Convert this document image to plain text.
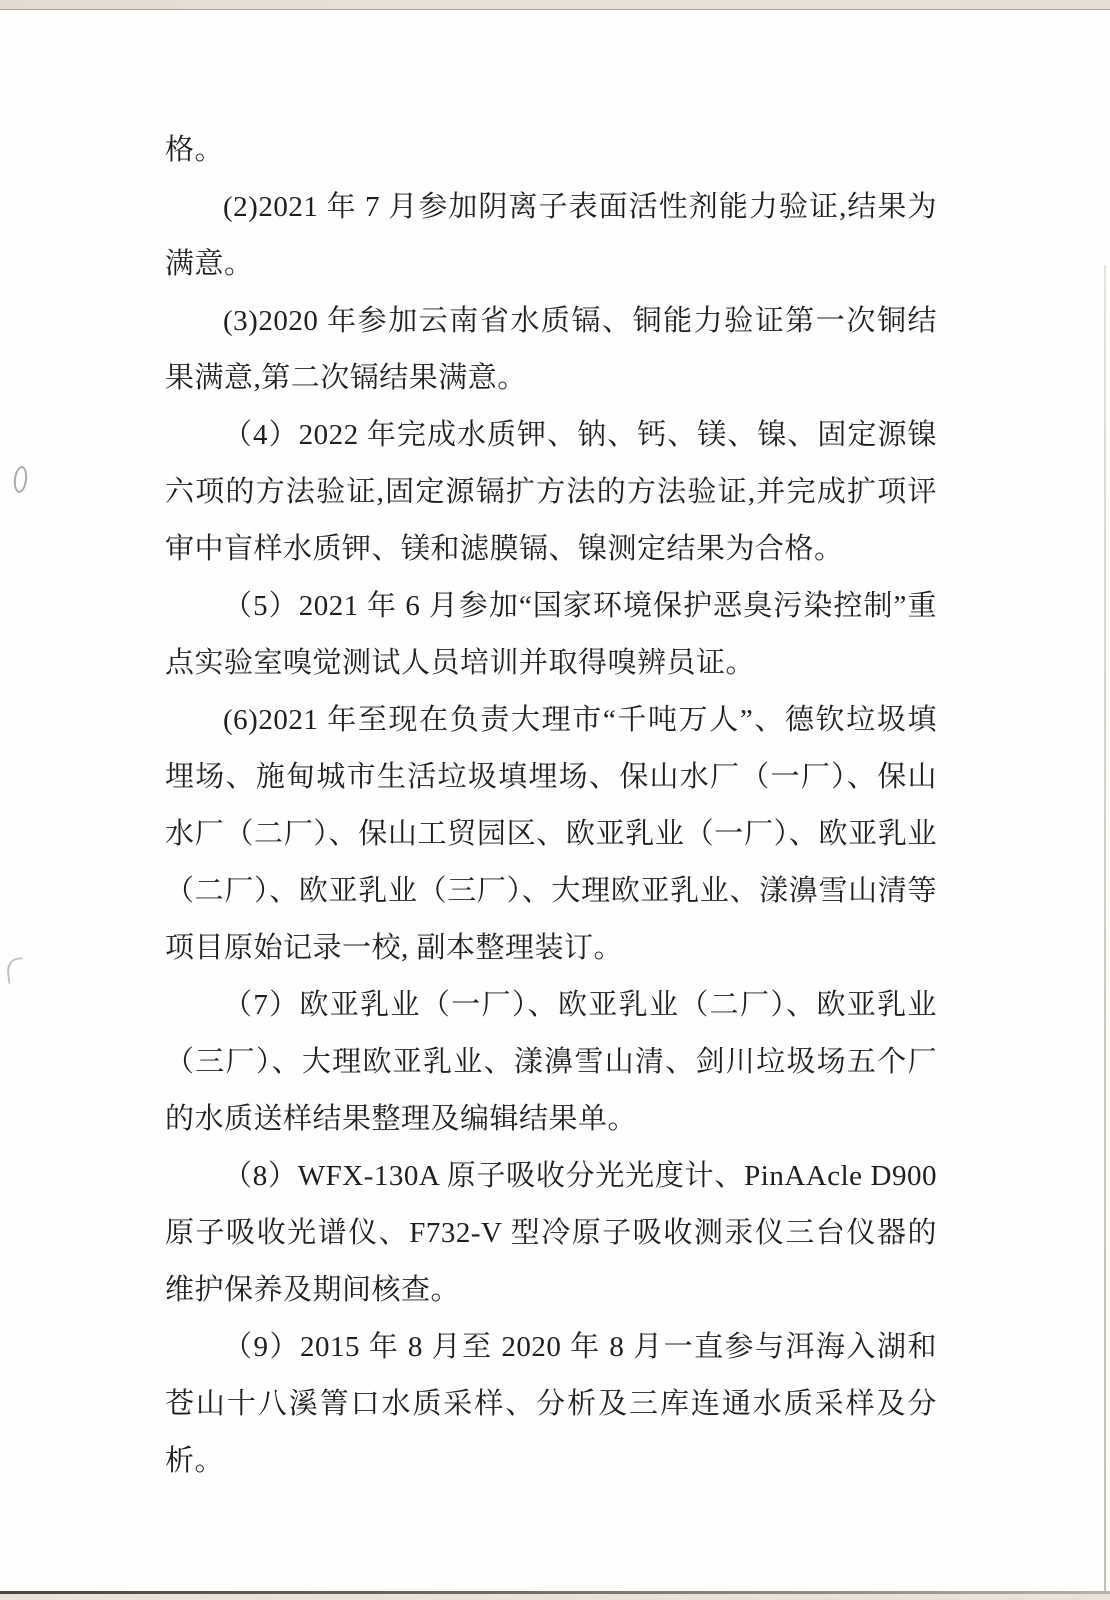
格。

(2)2021 年 7 月参加阴离子表面活性剂能力验证,结果为满意。

(3)2020 年参加云南省水质镉、铜能力验证第一次铜结果满意,第二次镉结果满意。

（4）2022 年完成水质钾、钠、钙、镁、镍、固定源镍六项的方法验证,固定源镉扩方法的方法验证,并完成扩项评审中盲样水质钾、镁和滤膜镉、镍测定结果为合格。

（5）2021 年 6 月参加“国家环境保护恶臭污染控制”重点实验室嗅觉测试人员培训并取得嗅辨员证。

(6)2021 年至现在负责大理市“千吨万人”、德钦垃圾填埋场、施甸城市生活垃圾填埋场、保山水厂（一厂）、保山水厂（二厂）、保山工贸园区、欧亚乳业（一厂）、欧亚乳业（二厂）、欧亚乳业（三厂）、大理欧亚乳业、漾濞雪山清等项目原始记录一校, 副本整理装订。

（7）欧亚乳业（一厂）、欧亚乳业（二厂）、欧亚乳业（三厂）、大理欧亚乳业、漾濞雪山清、剑川垃圾场五个厂的水质送样结果整理及编辑结果单。

（8）WFX-130A 原子吸收分光光度计、PinAAcle D900 原子吸收光谱仪、F732-V 型冷原子吸收测汞仪三台仪器的维护保养及期间核查。

（9）2015 年 8 月至 2020 年 8 月一直参与洱海入湖和苍山十八溪箐口水质采样、分析及三库连通水质采样及分析。
